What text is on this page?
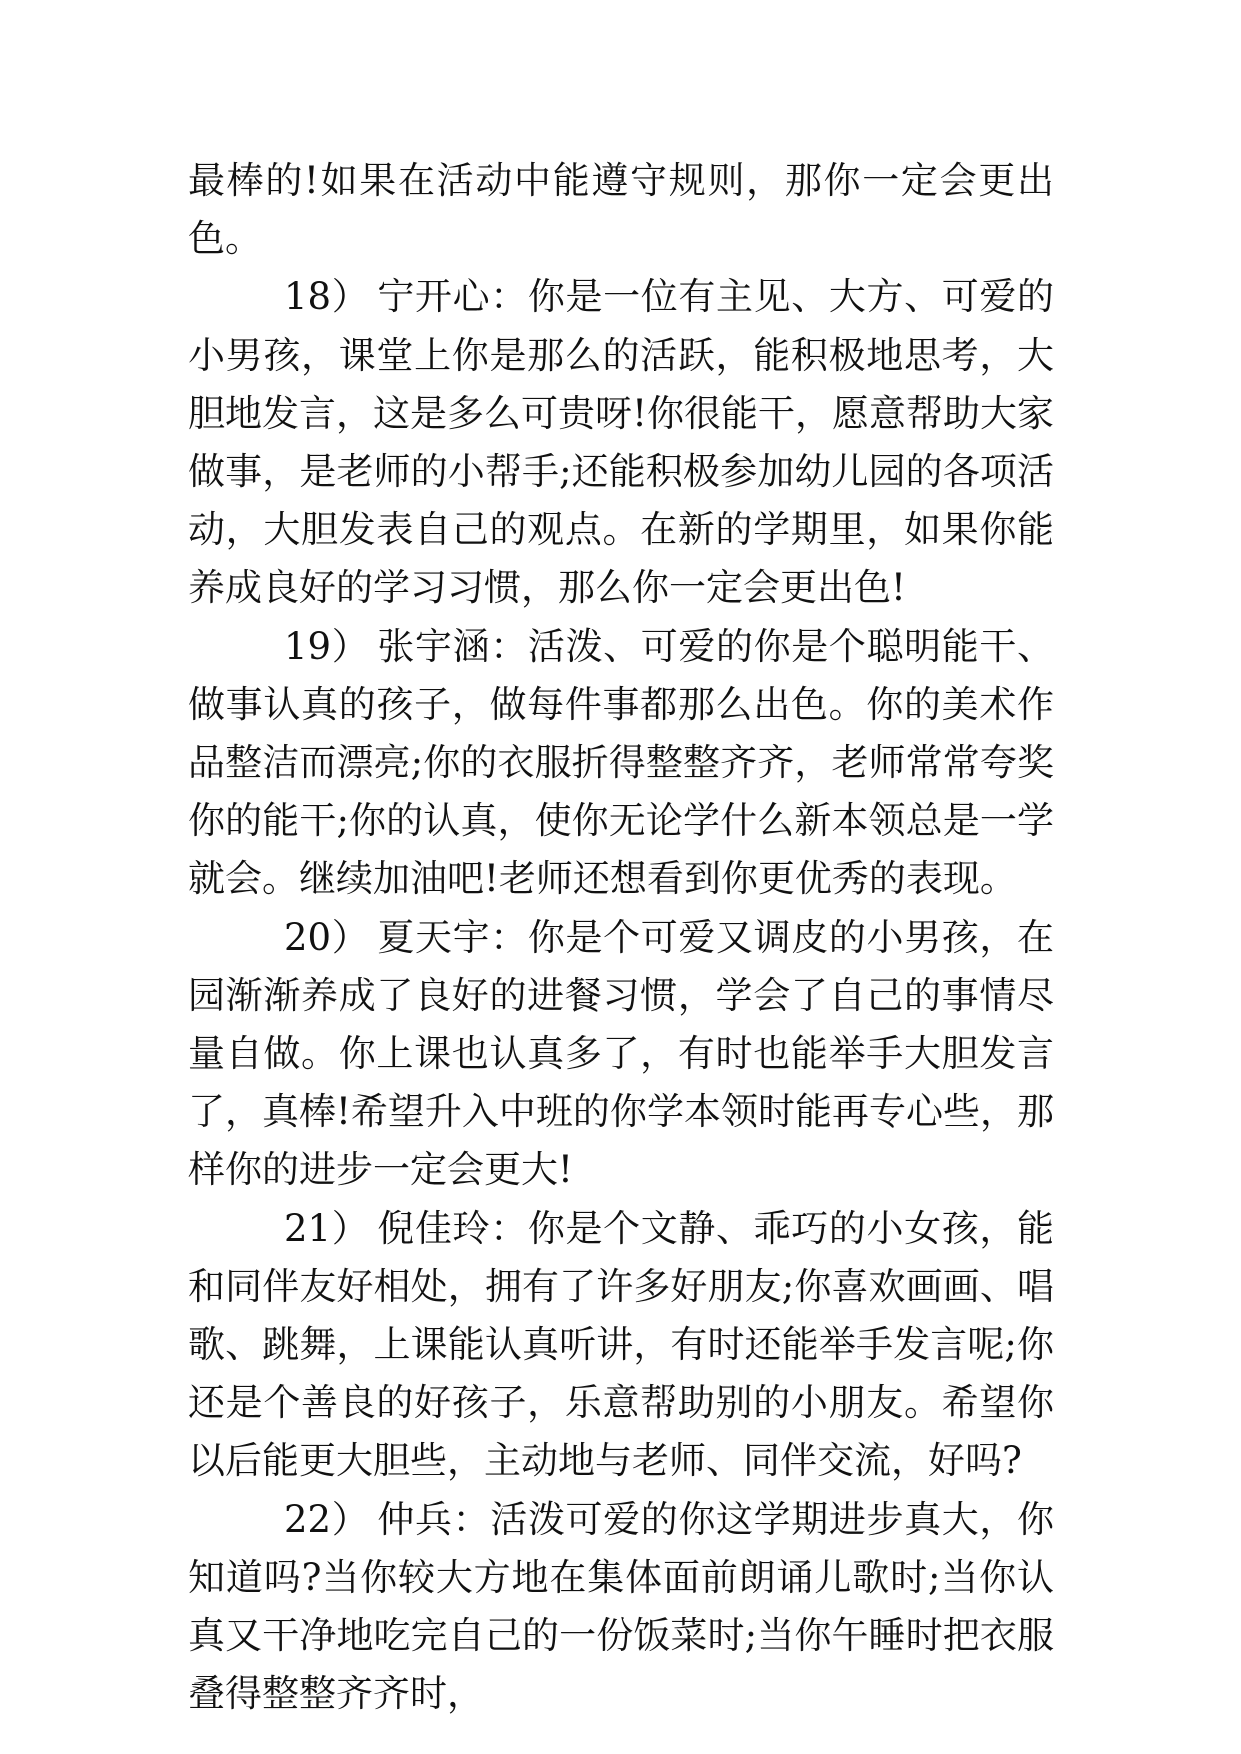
最棒的!如果在活动中能遵守规则，那你一定会更出色。

18） 宁开心：你是一位有主见、大方、可爱的小男孩，课堂上你是那么的活跃，能积极地思考，大胆地发言，这是多么可贵呀!你很能干，愿意帮助大家做事，是老师的小帮手;还能积极参加幼儿园的各项活动，大胆发表自己的观点。在新的学期里，如果你能养成良好的学习习惯，那么你一定会更出色!

19） 张宇涵：活泼、可爱的你是个聪明能干、做事认真的孩子，做每件事都那么出色。你的美术作品整洁而漂亮;你的衣服折得整整齐齐，老师常常夸奖你的能干;你的认真，使你无论学什么新本领总是一学就会。继续加油吧!老师还想看到你更优秀的表现。

20） 夏天宇：你是个可爱又调皮的小男孩，在园渐渐养成了良好的进餐习惯，学会了自己的事情尽量自做。你上课也认真多了，有时也能举手大胆发言了，真棒!希望升入中班的你学本领时能再专心些，那样你的进步一定会更大!

21） 倪佳玲：你是个文静、乖巧的小女孩，能和同伴友好相处，拥有了许多好朋友;你喜欢画画、唱歌、跳舞，上课能认真听讲，有时还能举手发言呢;你还是个善良的好孩子，乐意帮助别的小朋友。希望你以后能更大胆些，主动地与老师、同伴交流，好吗?

22） 仲兵：活泼可爱的你这学期进步真大，你知道吗?当你较大方地在集体面前朗诵儿歌时;当你认真又干净地吃完自己的一份饭菜时;当你午睡时把衣服叠得整整齐齐时，
